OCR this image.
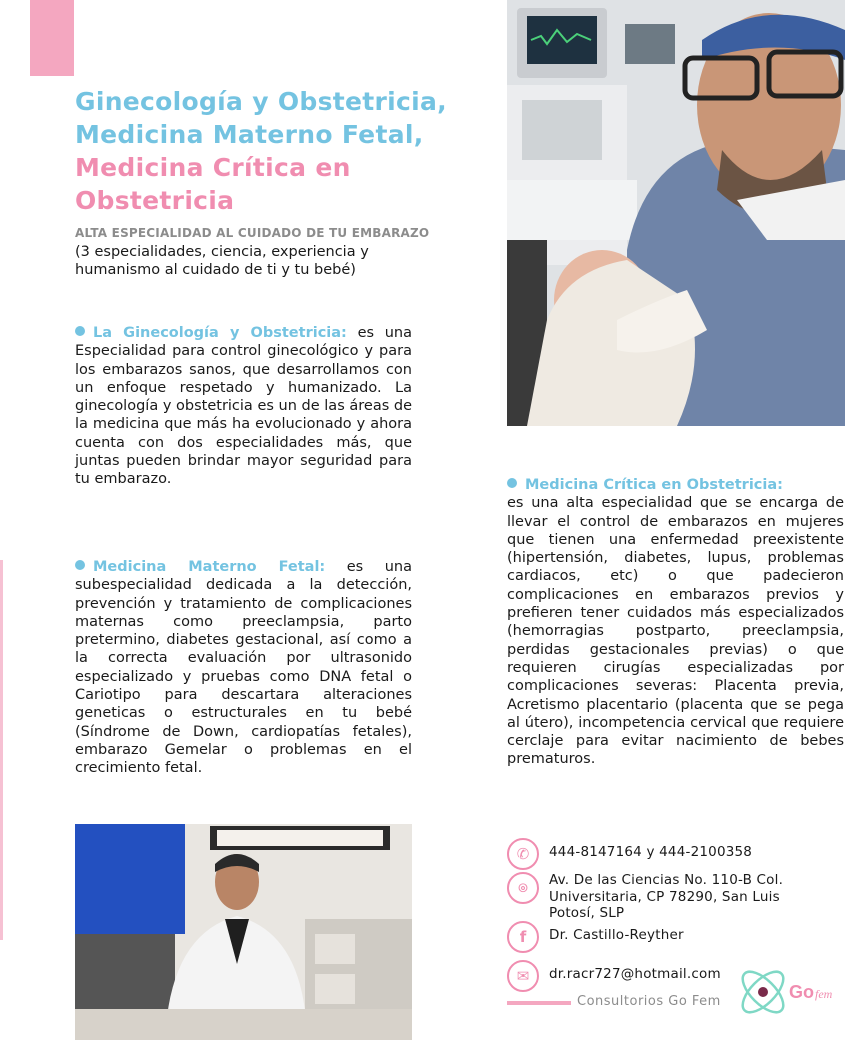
Ginecología y Obstetricia,
Medicina Materno Fetal,
Medicina Crítica en
Obstetricia
ALTA ESPECIALIDAD AL CUIDADO DE TU EMBARAZO
(3 especialidades, ciencia, experiencia y humanismo al cuidado de ti y tu bebé)

La Ginecología y Obstetricia: es una Especialidad para control ginecológico y para los embarazos sanos, que desarrollamos con un enfoque respetado y humanizado. La ginecología y obstetricia es un de las áreas de la medicina que más ha evolucionado y ahora cuenta con dos especialidades más, que juntas pueden brindar mayor seguridad para tu embarazo.

Medicina Materno Fetal: es una subespecialidad dedicada a la detección, prevención y tratamiento de complicaciones maternas como preeclampsia, parto pretermino, diabetes gestacional, así como a la correcta evaluación por ultrasonido especializado y pruebas como DNA fetal o Cariotipo para descartara alteraciones geneticas o estructurales en tu bebé (Síndrome de Down, cardiopatías fetales), embarazo Gemelar o problemas en el crecimiento fetal.

Medicina Crítica en Obstetricia:
es una alta especialidad que se encarga de llevar el control de embarazos en mujeres que tienen una enfermedad preexistente (hipertensión, diabetes, lupus, problemas cardiacos, etc) o que padecieron complicaciones en embarazos previos y prefieren tener cuidados más especializados (hemorragias postparto, preeclampsia, perdidas gestacionales previas) o que requieren cirugías especializadas por complicaciones severas: Placenta previa, Acretismo placentario (placenta que se pega al útero), incompetencia cervical que requiere cerclaje para evitar nacimiento de bebes prematuros.

✆	444-8147164 y 444-2100358
⌾	Av. De las Ciencias No. 110-B Col. Universitaria, CP 78290, San Luis Potosí, SLP
f	Dr. Castillo-Reyther
✉	dr.racr727@hotmail.com
Consultorios Go Fem	Go fem
